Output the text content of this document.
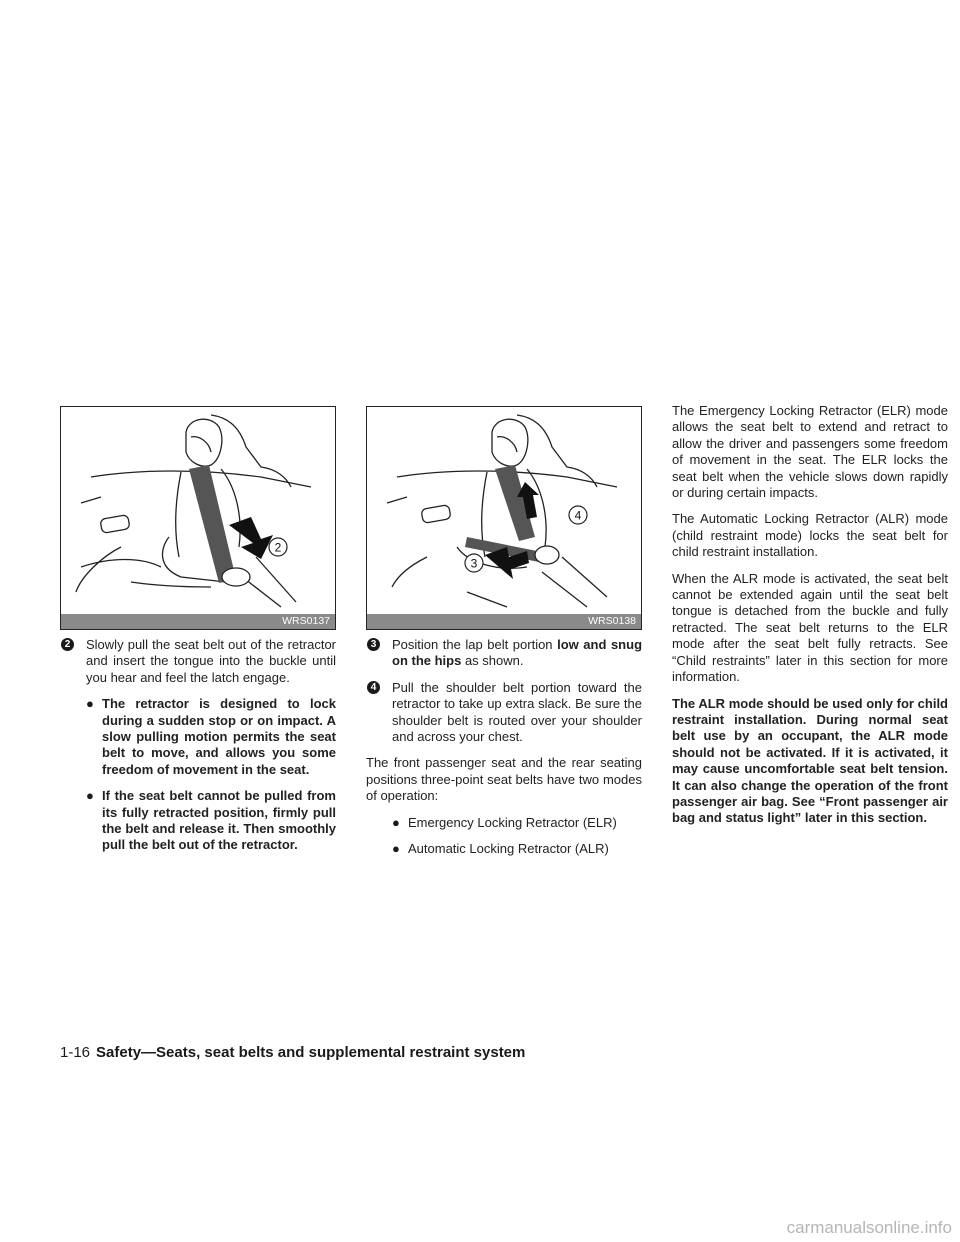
2
WRS0137
4
3
WRS0138
2 Slowly pull the seat belt out of the retractor and insert the tongue into the buckle until you hear and feel the latch engage.
● The retractor is designed to lock during a sudden stop or on impact. A slow pulling motion permits the seat belt to move, and allows you some freedom of movement in the seat.
● If the seat belt cannot be pulled from its fully retracted position, firmly pull the belt and release it. Then smoothly pull the belt out of the retractor.
3 Position the lap belt portion low and snug on the hips as shown.
4 Pull the shoulder belt portion toward the retractor to take up extra slack. Be sure the shoulder belt is routed over your shoulder and across your chest.

The front passenger seat and the rear seating positions three-point seat belts have two modes of operation:

● Emergency Locking Retractor (ELR)
● Automatic Locking Retractor (ALR)

The Emergency Locking Retractor (ELR) mode allows the seat belt to extend and retract to allow the driver and passengers some freedom of movement in the seat. The ELR locks the seat belt when the vehicle slows down rapidly or during certain impacts.

The Automatic Locking Retractor (ALR) mode (child restraint mode) locks the seat belt for child restraint installation.

When the ALR mode is activated, the seat belt cannot be extended again until the seat belt tongue is detached from the buckle and fully retracted. The seat belt returns to the ELR mode after the seat belt fully retracts. See “Child restraints” later in this section for more information.

The ALR mode should be used only for child restraint installation. During normal seat belt use by an occupant, the ALR mode should not be activated. If it is activated, it may cause uncomfortable seat belt tension. It can also change the operation of the front passenger air bag. See “Front passenger air bag and status light” later in this section.

1-16 Safety—Seats, seat belts and supplemental restraint system
carmanualsonline.info
